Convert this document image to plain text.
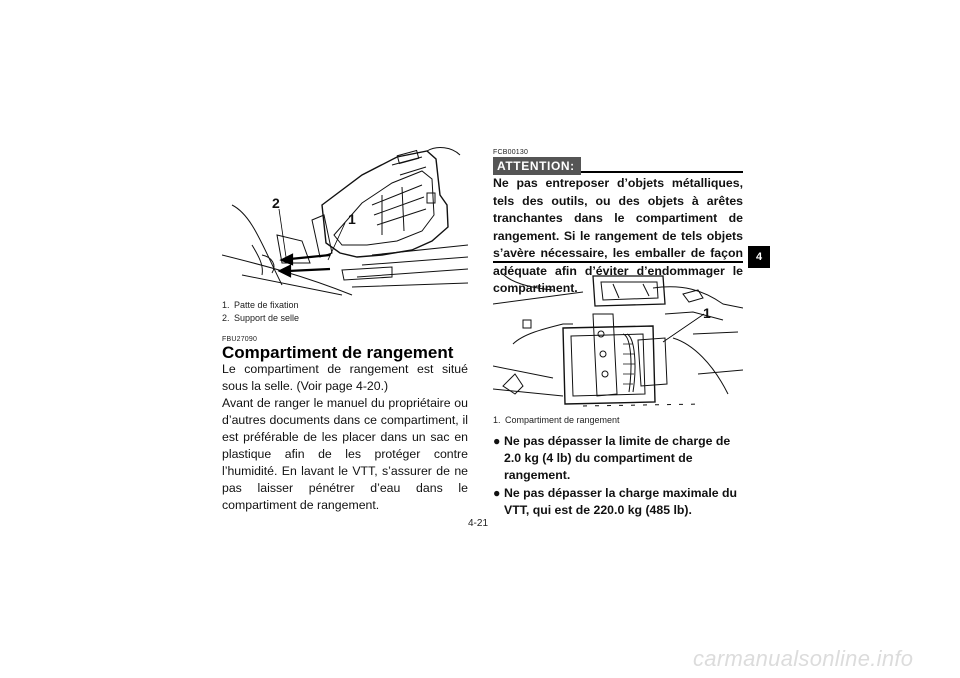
2
1
1. Patte de fixation
2. Support de selle
FBU27090
Compartiment de rangement

Le compartiment de rangement est situé sous la selle. (Voir page 4-20.)

Avant de ranger le manuel du propriétaire ou d’autres documents dans ce compartiment, il est préférable de les placer dans un sac en plastique afin de les protéger contre l’humidité. En lavant le VTT, s’assurer de ne pas laisser pénétrer d’eau dans le compartiment de rangement.

FCB00130
ATTENTION:
Ne pas entreposer d’objets métalliques, tels des outils, ou des objets à arêtes tranchantes dans le compartiment de rangement. Si le rangement de tels objets s’avère nécessaire, les emballer de façon adéquate afin d’éviter d’endommager le compartiment.
1
1. Compartiment de rangement
● Ne pas dépasser la limite de charge de 2.0 kg (4 lb) du compartiment de rangement.
● Ne pas dépasser la charge maximale du VTT, qui est de 220.0 kg (485 lb).
4
4-21
carmanualsonline.info
